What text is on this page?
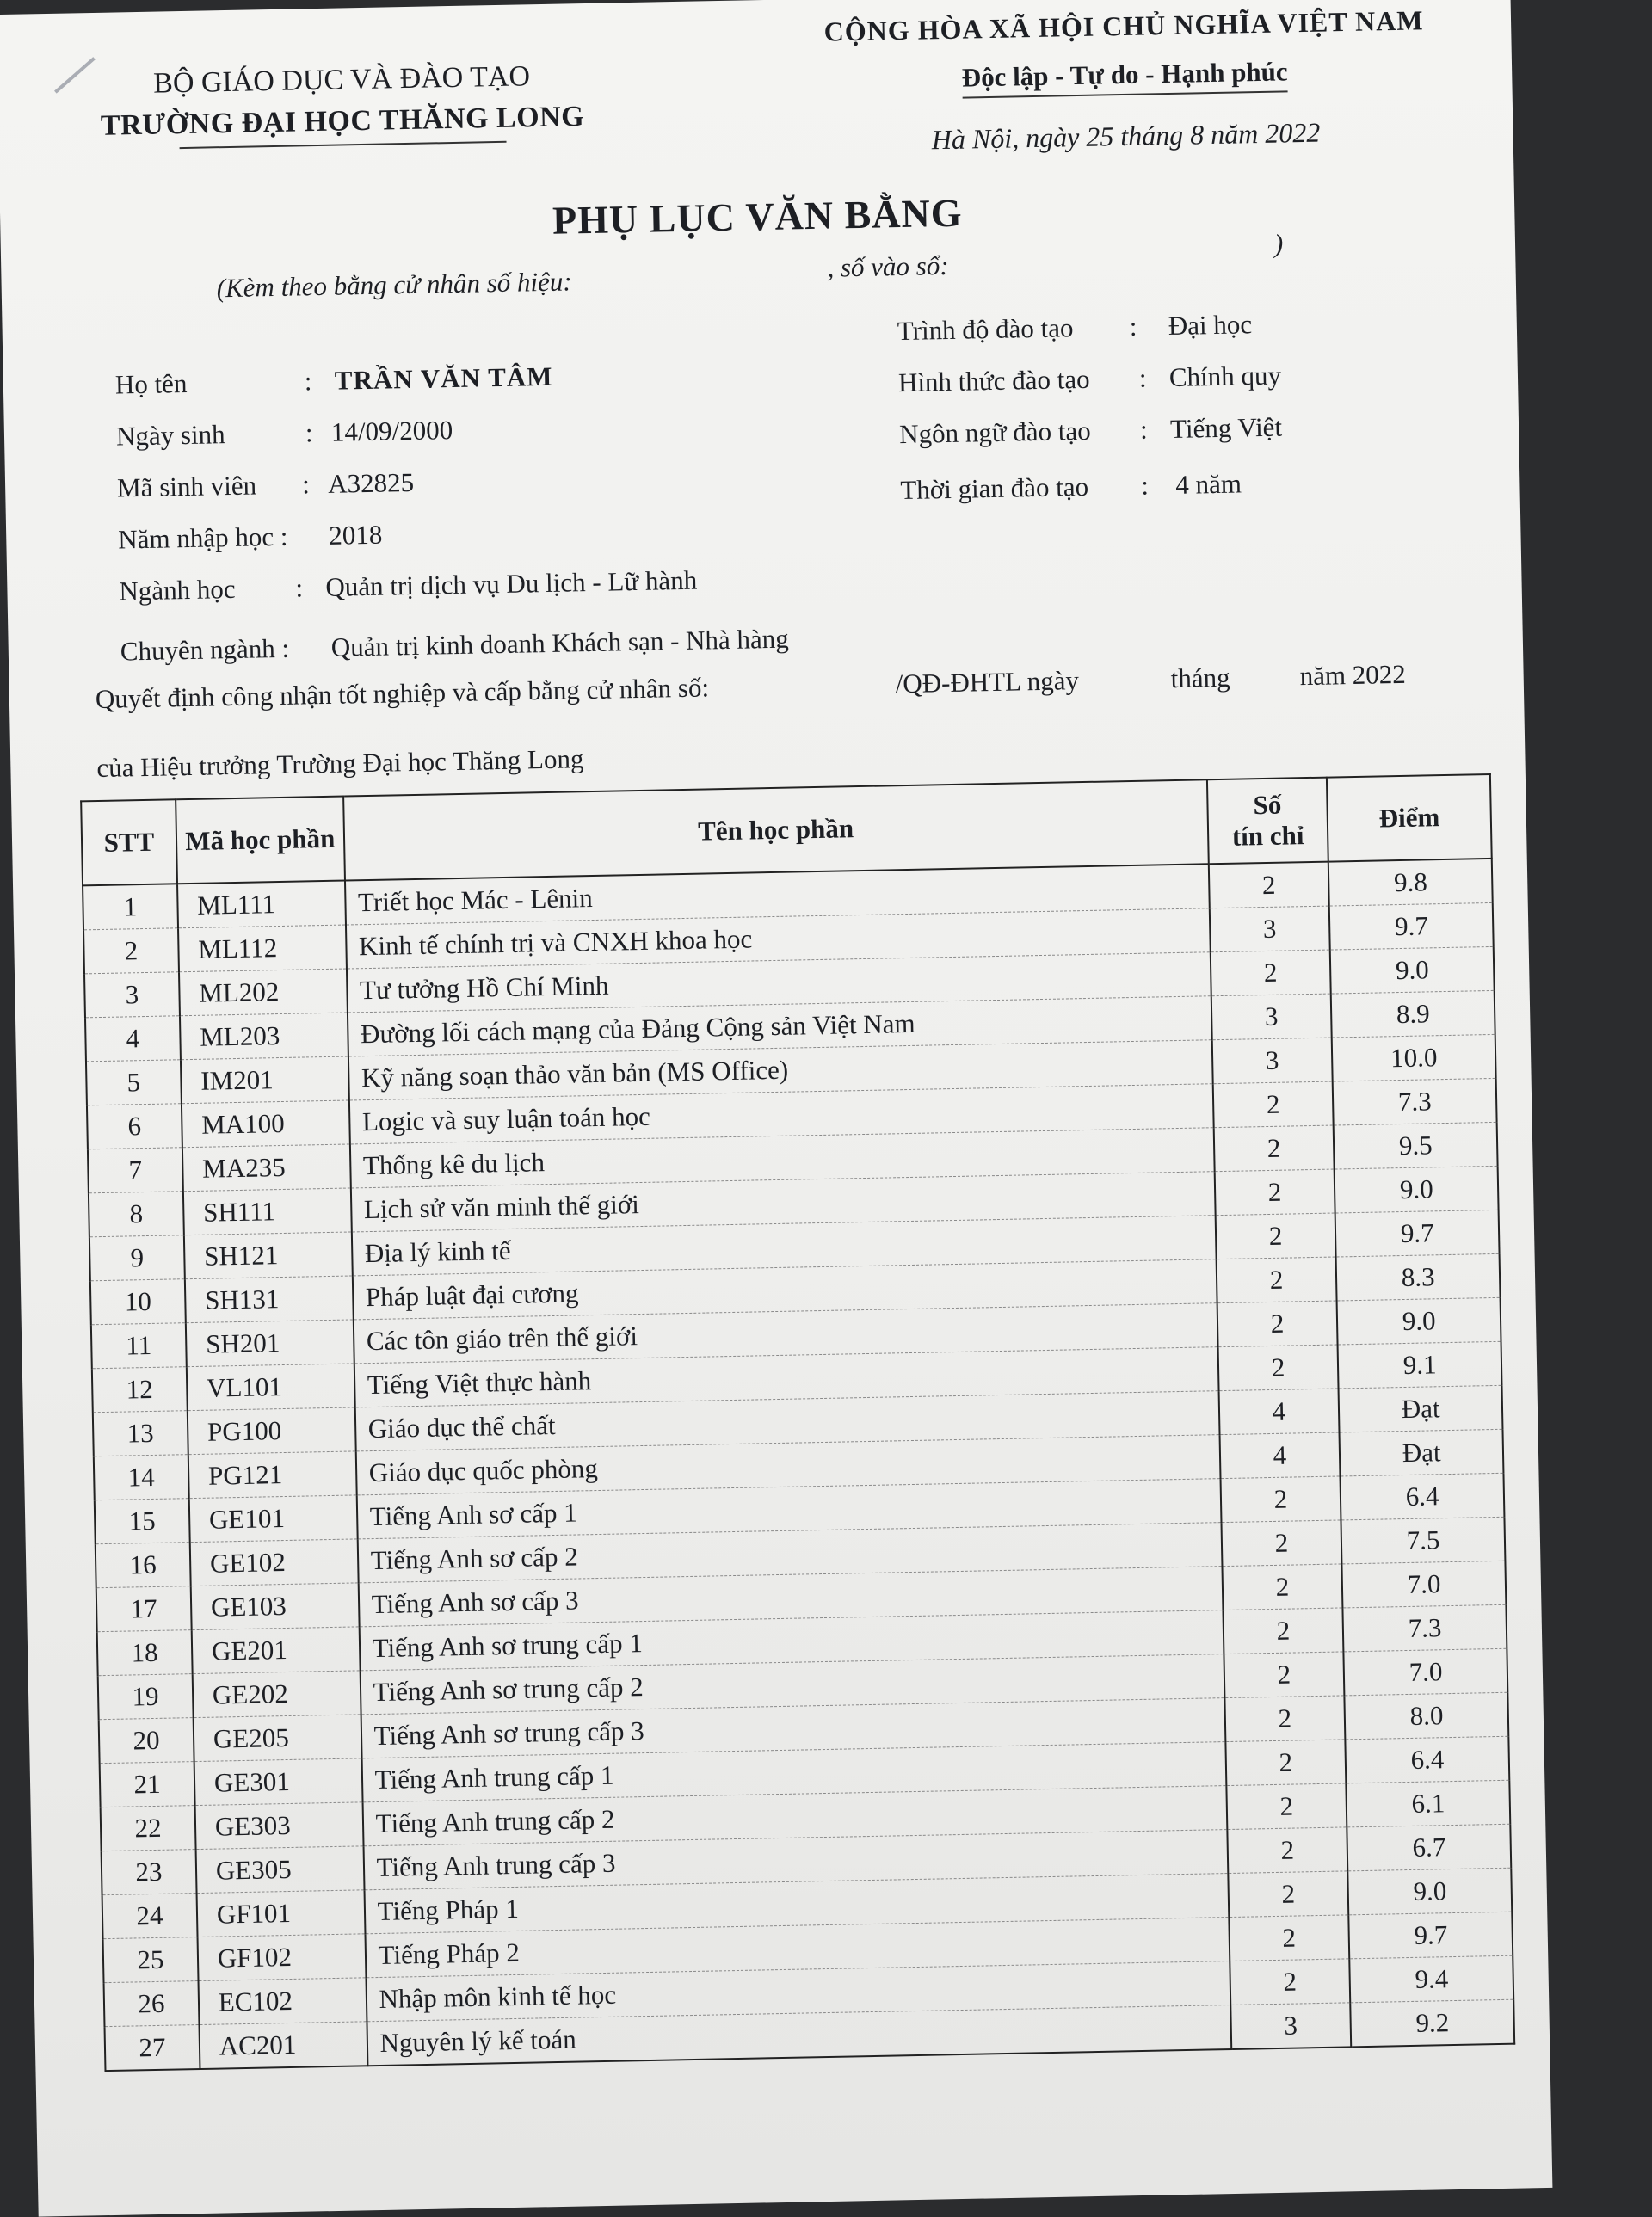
BỘ GIÁO DỤC VÀ ĐÀO TẠO
TRƯỜNG ĐẠI HỌC THĂNG LONG
CỘNG HÒA XÃ HỘI CHỦ NGHĨA VIỆT NAM
Độc lập - Tự do - Hạnh phúc
Hà Nội, ngày 25 tháng 8 năm 2022
PHỤ LỤC VĂN BẰNG
(Kèm theo bằng cử nhân số hiệu:	, số vào sổ:
)
Họ tên	: TRẦN VĂN TÂM
Ngày sinh	: 14/09/2000
Mã sinh viên : A32825
Năm nhập học : 2018
Ngành học : Quản trị dịch vụ Du lịch - Lữ hành
Chuyên ngành : Quản trị kinh doanh Khách sạn - Nhà hàng
Trình độ đào tạo : Đại học
Hình thức đào tạo : Chính quy
Ngôn ngữ đào tạo : Tiếng Việt
Thời gian đào tạo : 4 năm
Quyết định công nhận tốt nghiệp và cấp bằng cử nhân số:	/QĐ-ĐHTL ngày	tháng	năm 2022
của Hiệu trưởng Trường Đại học Thăng Long
STT	Mã học phần	Tên học phần	Số
tín chỉ	Điểm
1	ML111	Triết học Mác - Lênin	2	9.8
2	ML112	Kinh tế chính trị và CNXH khoa học	3	9.7
3	ML202	Tư tưởng Hồ Chí Minh	2	9.0
4	ML203	Đường lối cách mạng của Đảng Cộng sản Việt Nam	3	8.9
5	IM201	Kỹ năng soạn thảo văn bản (MS Office)	3	10.0
6	MA100	Logic và suy luận toán học	2	7.3
7	MA235	Thống kê du lịch	2	9.5
8	SH111	Lịch sử văn minh thế giới	2	9.0
9	SH121	Địa lý kinh tế	2	9.7
10	SH131	Pháp luật đại cương	2	8.3
11	SH201	Các tôn giáo trên thế giới	2	9.0
12	VL101	Tiếng Việt thực hành	2	9.1
13	PG100	Giáo dục thể chất	4	Đạt
14	PG121	Giáo dục quốc phòng	4	Đạt
15	GE101	Tiếng Anh sơ cấp 1	2	6.4
16	GE102	Tiếng Anh sơ cấp 2	2	7.5
17	GE103	Tiếng Anh sơ cấp 3	2	7.0
18	GE201	Tiếng Anh sơ trung cấp 1	2	7.3
19	GE202	Tiếng Anh sơ trung cấp 2	2	7.0
20	GE205	Tiếng Anh sơ trung cấp 3	2	8.0
21	GE301	Tiếng Anh trung cấp 1	2	6.4
22	GE303	Tiếng Anh trung cấp 2	2	6.1
23	GE305	Tiếng Anh trung cấp 3	2	6.7
24	GF101	Tiếng Pháp 1	2	9.0
25	GF102	Tiếng Pháp 2	2	9.7
26	EC102	Nhập môn kinh tế học	2	9.4
27	AC201	Nguyên lý kế toán	3	9.2
